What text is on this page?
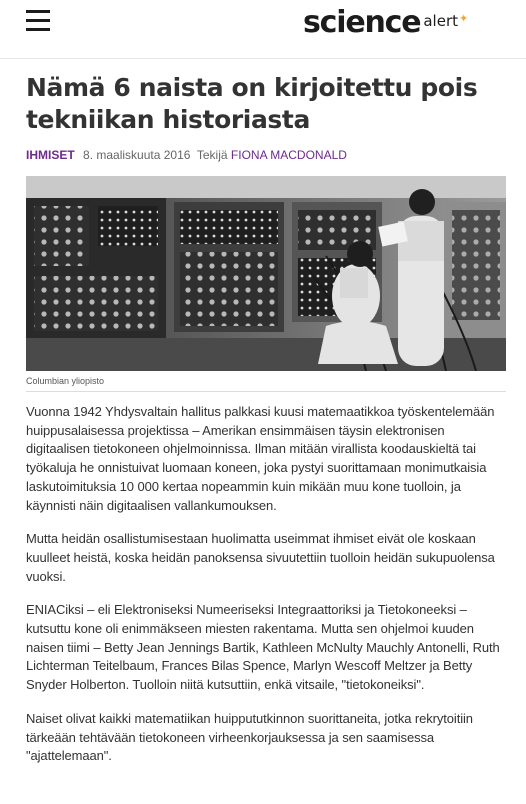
science alert ✦
Nämä 6 naista on kirjoitettu pois tekniikan historiasta
IHMISET 8. maaliskuuta 2016 Tekijä FIONA MACDONALD
Columbian yliopisto

Vuonna 1942 Yhdysvaltain hallitus palkkasi kuusi matemaatikkoa työskentelemään huippusalaisessa projektissa – Amerikan ensimmäisen täysin elektronisen digitaalisen tietokoneen ohjelmoinnissa. Ilman mitään virallista koodauskieltä tai työkaluja he onnistuivat luomaan koneen, joka pystyi suorittamaan monimutkaisia laskutoimituksia 10 000 kertaa nopeammin kuin mikään muu kone tuolloin, ja käynnisti näin digitaalisen vallankumouksen.

Mutta heidän osallistumisestaan huolimatta useimmat ihmiset eivät ole koskaan kuulleet heistä, koska heidän panoksensa sivuutettiin tuolloin heidän sukupuolensa vuoksi.

ENIACiksi – eli Elektroniseksi Numeeriseksi Integraattoriksi ja Tietokoneeksi – kutsuttu kone oli enimmäkseen miesten rakentama. Mutta sen ohjelmoi kuuden naisen tiimi – Betty Jean Jennings Bartik, Kathleen McNulty Mauchly Antonelli, Ruth Lichterman Teitelbaum, Frances Bilas Spence, Marlyn Wescoff Meltzer ja Betty Snyder Holberton. Tuolloin niitä kutsuttiin, enkä vitsaile, "tietokoneiksi".

Naiset olivat kaikki matematiikan huippututkinnon suorittaneita, jotka rekrytoitiin tärkeään tehtävään tietokoneen virheenkorjauksessa ja sen saamisessa "ajattelemaan".
